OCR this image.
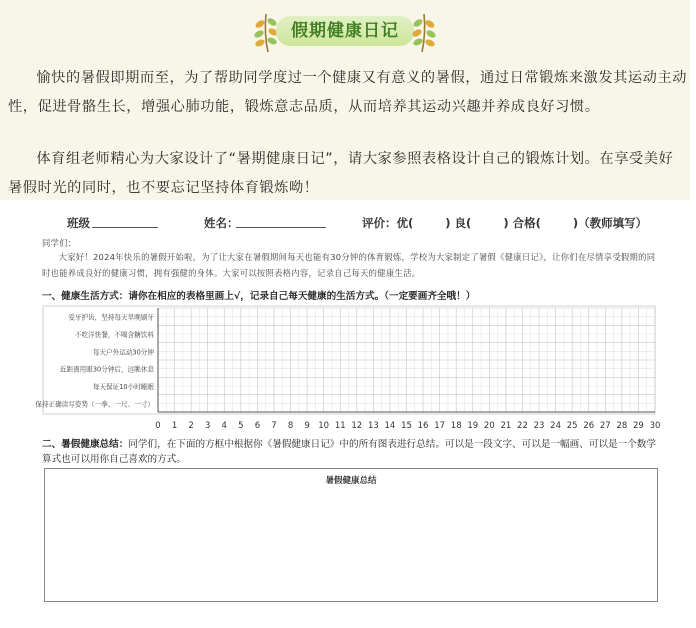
假期健康日记

愉快的暑假即期而至，为了帮助同学度过一个健康又有意义的暑假，通过日常锻炼来激发其运动主动性，促进骨骼生长，增强心肺功能，锻炼意志品质，从而培养其运动兴趣并养成良好习惯。

体育组老师精心为大家设计了“暑期健康日记”，请大家参照表格设计自己的锻炼计划。在享受美好暑假时光的同时，也不要忘记坚持体育锻炼呦！

班级	姓名：	评价：优(        ) 良(        ) 合格(        )（教师填写）
同学们：
大家好！2024年快乐的暑假开始啦，为了让大家在暑假期间每天也能有30分钟的体育锻炼，学校为大家制定了暑假《健康日记》，让你们在尽情享受假期的同时也能养成良好的健康习惯，拥有强健的身体。大家可以按照表格内容，记录自己每天的健康生活。
一、健康生活方式：请你在相应的表格里画上√，记录自己每天健康的生活方式。（一定要画齐全哦！）
爱牙护齿，坚持每天早晚刷牙
不吃洋快餐，不喝含糖饮料
每天户外运动30分钟
近距离用眼30分钟后，远眺休息
每天保证10小时睡眠
保持正确读写姿势（一拳、一尺、一寸）
0 1 2 3 4 5 6 7 8 9 10 11 12 13 14 15 16 17 18 19 20 21 22 23 24 25 26 27 28 29 30
二、暑假健康总结：同学们，在下面的方框中根据你《暑假健康日记》中的所有图表进行总结。可以是一段文字、可以是一幅画、可以是一个数学算式也可以用你自己喜欢的方式。
暑假健康总结
